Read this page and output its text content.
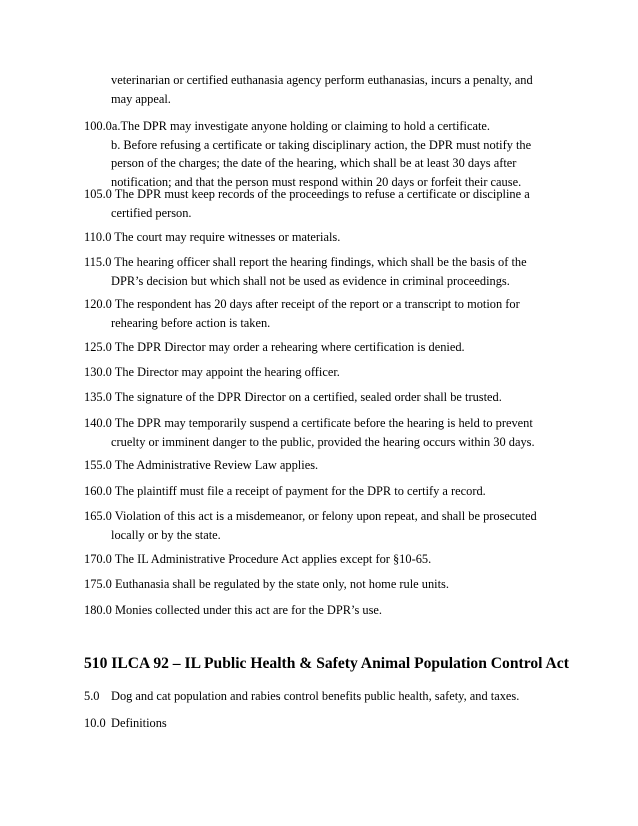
veterinarian or certified euthanasia agency perform euthanasias, incurs a penalty, and
may appeal.
100.0a.The DPR may investigate anyone holding or claiming to hold a certificate.
b. Before refusing a certificate or taking disciplinary action, the DPR must notify the
person of the charges; the date of the hearing, which shall be at least 30 days after
notification; and that the person must respond within 20 days or forfeit their cause.
105.0 The DPR must keep records of the proceedings to refuse a certificate or discipline a
certified person.
110.0 The court may require witnesses or materials.
115.0 The hearing officer shall report the hearing findings, which shall be the basis of the
DPR’s decision but which shall not be used as evidence in criminal proceedings.
120.0 The respondent has 20 days after receipt of the report or a transcript to motion for
rehearing before action is taken.
125.0 The DPR Director may order a rehearing where certification is denied.
130.0 The Director may appoint the hearing officer.
135.0 The signature of the DPR Director on a certified, sealed order shall be trusted.
140.0 The DPR may temporarily suspend a certificate before the hearing is held to prevent
cruelty or imminent danger to the public, provided the hearing occurs within 30 days.
155.0 The Administrative Review Law applies.
160.0 The plaintiff must file a receipt of payment for the DPR to certify a record.
165.0 Violation of this act is a misdemeanor, or felony upon repeat, and shall be prosecuted
locally or by the state.
170.0 The IL Administrative Procedure Act applies except for §10-65.
175.0 Euthanasia shall be regulated by the state only, not home rule units.
180.0 Monies collected under this act are for the DPR’s use.
510 ILCA 92 – IL Public Health & Safety Animal Population Control Act
5.0 Dog and cat population and rabies control benefits public health, safety, and taxes.
10.0 Definitions
